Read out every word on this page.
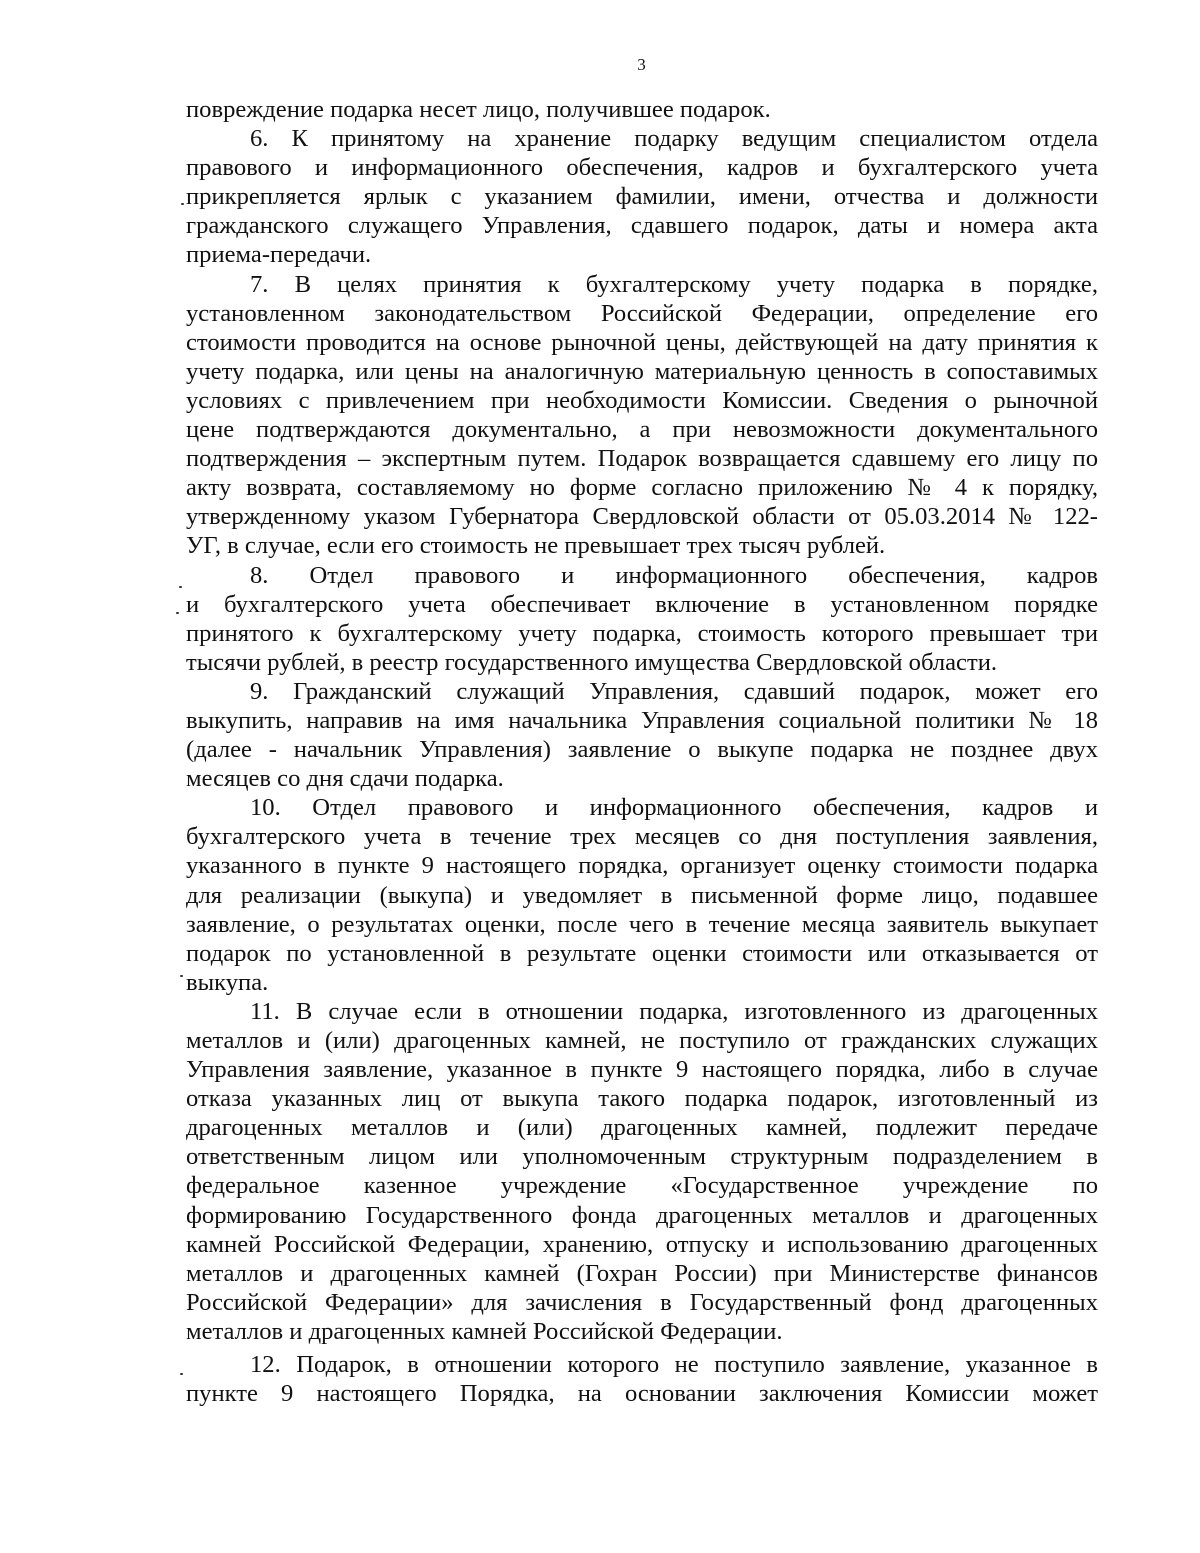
3
повреждение подарка несет лицо, получившее подарок.
6. К принятому на хранение подарку ведущим специалистом отдела
правового и информационного обеспечения, кадров и бухгалтерского учета
прикрепляется ярлык с указанием фамилии, имени, отчества и должности
гражданского служащего Управления, сдавшего подарок, даты и номера акта
приема-передачи.
7. В целях принятия к бухгалтерскому учету подарка в порядке,
установленном законодательством Российской Федерации, определение его
стоимости проводится на основе рыночной цены, действующей на дату принятия к
учету подарка, или цены на аналогичную материальную ценность в сопоставимых
условиях с привлечением при необходимости Комиссии. Сведения о рыночной
цене подтверждаются документально, а при невозможности документального
подтверждения – экспертным путем. Подарок возвращается сдавшему его лицу по
акту возврата, составляемому но форме согласно приложению № 4 к порядку,
утвержденному указом Губернатора Свердловской области от 05.03.2014 № 122-
УГ, в случае, если его стоимость не превышает трех тысяч рублей.
8. Отдел правового и информационного обеспечения, кадров
и бухгалтерского учета обеспечивает включение в установленном порядке
принятого к бухгалтерскому учету подарка, стоимость которого превышает три
тысячи рублей, в реестр государственного имущества Свердловской области.
9. Гражданский служащий Управления, сдавший подарок, может его
выкупить, направив на имя начальника Управления социальной политики № 18
(далее - начальник Управления) заявление о выкупе подарка не позднее двух
месяцев со дня сдачи подарка.
10. Отдел правового и информационного обеспечения, кадров и
бухгалтерского учета в течение трех месяцев со дня поступления заявления,
указанного в пункте 9 настоящего порядка, организует оценку стоимости подарка
для реализации (выкупа) и уведомляет в письменной форме лицо, подавшее
заявление, о результатах оценки, после чего в течение месяца заявитель выкупает
подарок по установленной в результате оценки стоимости или отказывается от
выкупа.
11. В случае если в отношении подарка, изготовленного из драгоценных
металлов и (или) драгоценных камней, не поступило от гражданских служащих
Управления заявление, указанное в пункте 9 настоящего порядка, либо в случае
отказа указанных лиц от выкупа такого подарка подарок, изготовленный из
драгоценных металлов и (или) драгоценных камней, подлежит передаче
ответственным лицом или уполномоченным структурным подразделением в
федеральное казенное учреждение «Государственное учреждение по
формированию Государственного фонда драгоценных металлов и драгоценных
камней Российской Федерации, хранению, отпуску и использованию драгоценных
металлов и драгоценных камней (Гохран России) при Министерстве финансов
Российской Федерации» для зачисления в Государственный фонд драгоценных
металлов и драгоценных камней Российской Федерации.
12. Подарок, в отношении которого не поступило заявление, указанное в
пункте 9 настоящего Порядка, на основании заключения Комиссии может
